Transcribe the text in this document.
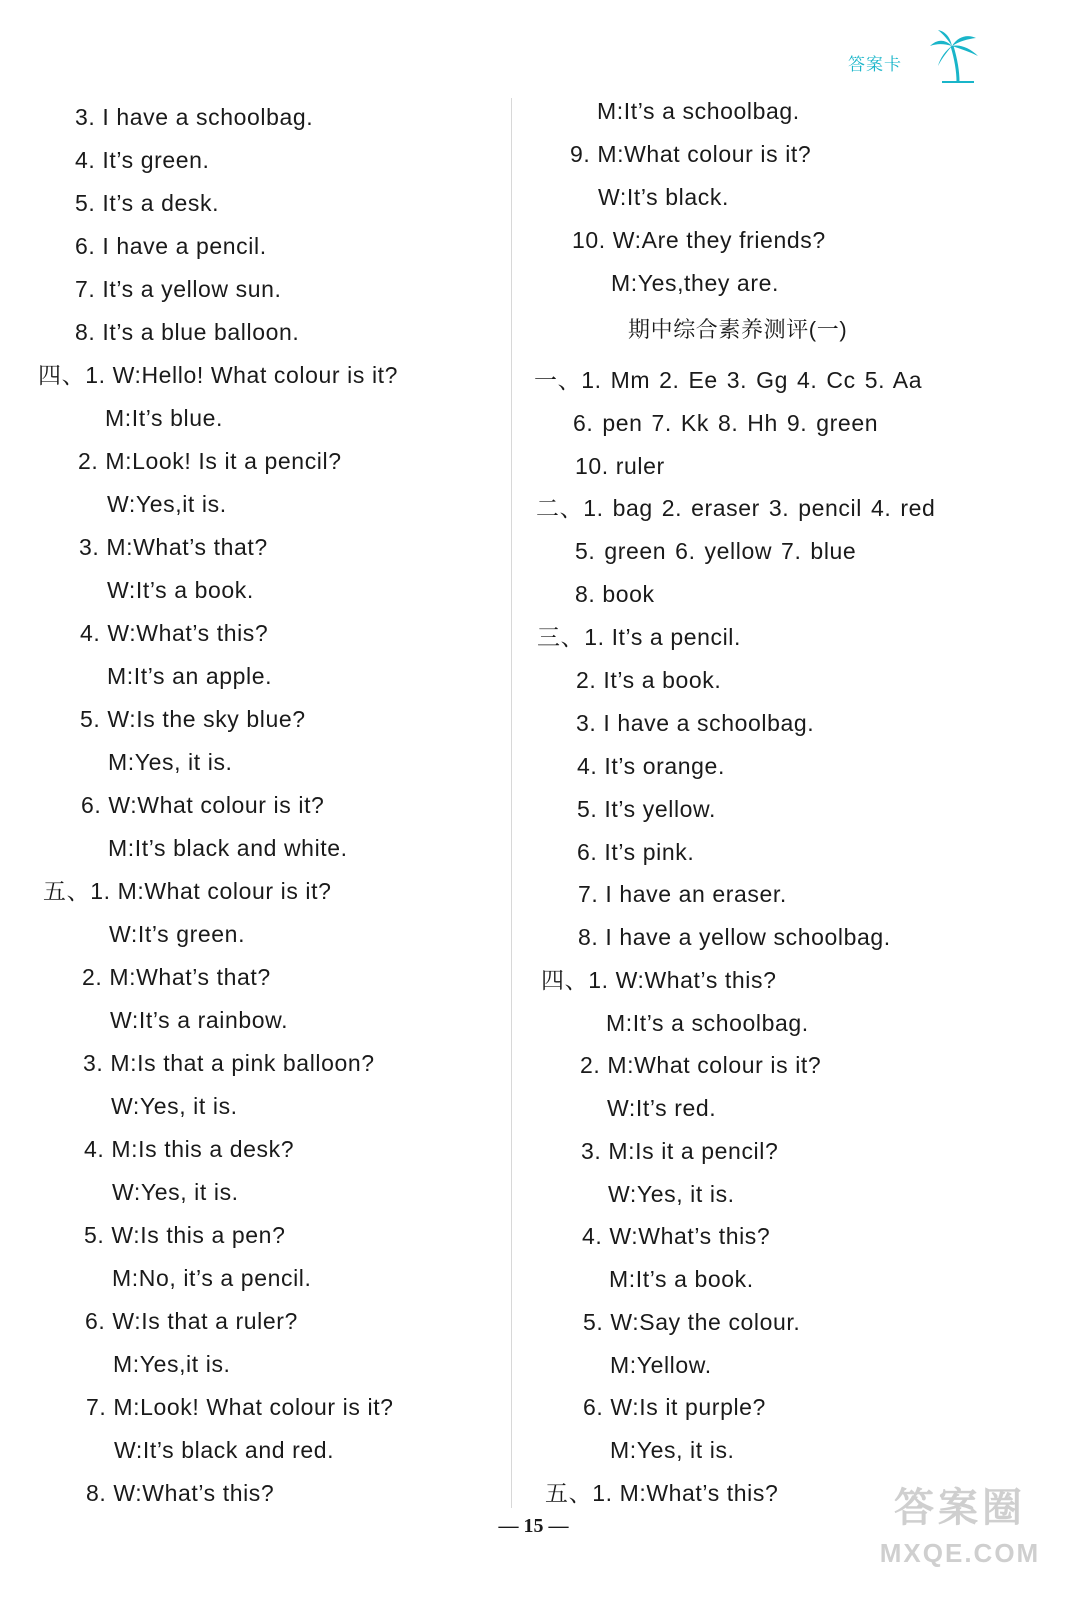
答案卡
3. I have a schoolbag.
4. It’s green.
5. It’s a desk.
6. I have a pencil.
7. It’s a yellow sun.
8. It’s a blue balloon.
四、1. W:Hello! What colour is it?
M:It’s blue.
2. M:Look! Is it a pencil?
W:Yes,it is.
3. M:What’s that?
W:It’s a book.
4. W:What’s this?
M:It’s an apple.
5. W:Is the sky blue?
M:Yes, it is.
6. W:What colour is it?
M:It’s black and white.
五、1. M:What colour is it?
W:It’s green.
2. M:What’s that?
W:It’s a rainbow.
3. M:Is that a pink balloon?
W:Yes, it is.
4. M:Is this a desk?
W:Yes, it is.
5. W:Is this a pen?
M:No, it’s a pencil.
6. W:Is that a ruler?
M:Yes,it is.
7. M:Look! What colour is it?
W:It’s black and red.
8. W:What’s this?
M:It’s a schoolbag.
9. M:What colour is it?
W:It’s black.
10. W:Are they friends?
M:Yes,they are.
期中综合素养测评(一)
一、1. Mm 2. Ee 3. Gg 4. Cc 5. Aa
6. pen 7. Kk 8. Hh 9. green
10. ruler
二、1. bag 2. eraser 3. pencil 4. red
5. green 6. yellow 7. blue
8. book
三、1. It’s a pencil.
2. It’s a book.
3. I have a schoolbag.
4. It’s orange.
5. It’s yellow.
6. It’s pink.
7. I have an eraser.
8. I have a yellow schoolbag.
四、1. W:What’s this?
M:It’s a schoolbag.
2. M:What colour is it?
W:It’s red.
3. M:Is it a pencil?
W:Yes, it is.
4. W:What’s this?
M:It’s a book.
5. W:Say the colour.
M:Yellow.
6. W:Is it purple?
M:Yes, it is.
五、1. M:What’s this?
— 15 —	答案圈
MXQE.COM
